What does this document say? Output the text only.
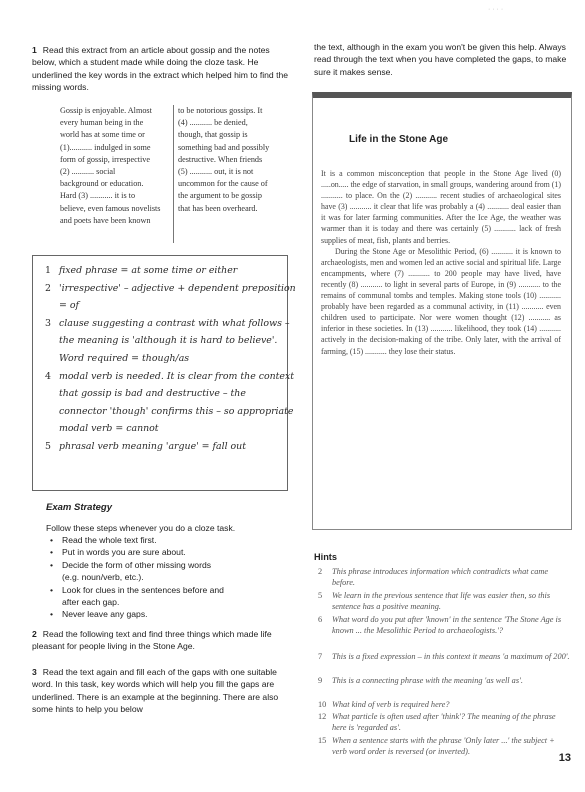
· · · ·
1 Read this extract from an article about gossip and the notes below, which a student made while doing the cloze task. He underlined the key words in the extract which helped him to find the missing words.
Gossip is enjoyable. Almost
every human being in the
world has at some time or
(1)........... indulged in some
form of gossip, irrespective
(2) ........... social
background or education.
Hard (3) ........... it is to
believe, even famous novelists
and poets have been known
to be notorious gossips. It
(4) ........... be denied,
though, that gossip is
something bad and possibly
destructive. When friends
(5) ........... out, it is not
uncommon for the cause of
the argument to be gossip
that has been overheard.
1 fixed phrase = at some time or either
2 'irrespective' – adjective + dependent preposition
= of
3 clause suggesting a contrast with what follows –
the meaning is 'although it is hard to believe'.
Word required = though/as
4 modal verb is needed. It is clear from the context
that gossip is bad and destructive – the
connector 'though' confirms this – so appropriate
modal verb = cannot
5 phrasal verb meaning 'argue' = fall out
Exam Strategy
Follow these steps whenever you do a cloze task.
• Read the whole text first.
• Put in words you are sure about.
• Decide the form of other missing words
(e.g. noun/verb, etc.).
• Look for clues in the sentences before and
after each gap.
• Never leave any gaps.
2 Read the following text and find three things which made life pleasant for people living in the Stone Age.
3 Read the text again and fill each of the gaps with one suitable word. In this task, key words which will help you fill the gaps are underlined. There is an example at the beginning. There are also some hints to help you below
the text, although in the exam you won't be given this help. Always read through the text when you have completed the gaps, to make sure it makes sense.
Life in the Stone Age

It is a common misconception that people in the Stone Age lived (0) .....on..... the edge of starvation, in small groups, wandering around from (1) ........... to place. On the (2) ........... recent studies of archaeological sites have (3) ........... it clear that life was probably a (4) ........... deal easier than it was for later farming communities. After the Ice Age, the weather was warmer than it is today and there was certainly (5) ........... lack of fresh supplies of meat, fish, plants and berries.

During the Stone Age or Mesolithic Period, (6) ........... it is known to archaeologists, men and women led an active social and spiritual life. Large encampments, where (7) ........... to 200 people may have lived, have recently (8) ........... to light in several parts of Europe, in (9) ........... to the remains of communal tombs and temples. Making stone tools (10) ........... probably have been regarded as a communal activity, in (11) ........... even children used to participate. Nor were women thought (12) ........... as inferior in these societies. In (13) ........... likelihood, they took (14) ........... actively in the decision-making of the tribe. Only later, with the arrival of farming, (15) ........... they lose their status.

Hints
2 This phrase introduces information which contradicts what came before.
5 We learn in the previous sentence that life was easier then, so this sentence has a positive meaning.
6 What word do you put after 'known' in the sentence 'The Stone Age is known ... the Mesolithic Period to archaeologists.'?
7 This is a fixed expression – in this context it means 'a maximum of 200'.
9 This is a connecting phrase with the meaning 'as well as'.
10 What kind of verb is required here?
12 What particle is often used after 'think'? The meaning of the phrase here is 'regarded as'.
15 When a sentence starts with the phrase 'Only later ...' the subject + verb word order is reversed (or inverted).
13
